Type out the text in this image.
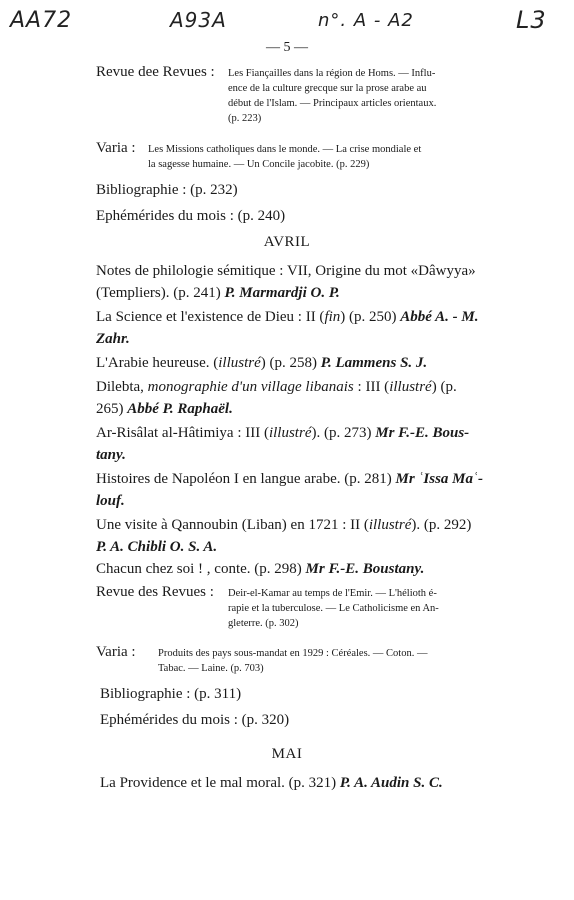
AA72	A93A	n°. A - A2	L3
— 5 —
Revue dee Revues : Les Fiançailles dans la région de Homs. — Influ-
ence de la culture grecque sur la prose arabe au
début de l'Islam. — Principaux articles orientaux.
(p. 223)
Varia : Les Missions catholiques dans le monde. — La crise mondiale et
la sagesse humaine. — Un Concile jacobite. (p. 229)
Bibliographie : (p. 232)
Ephémérides du mois : (p. 240)
AVRIL
Notes de philologie sémitique : VII, Origine du mot «Dâwyya»
(Templiers). (p. 241) P. Marmardji O. P.
La Science et l'existence de Dieu : II (fin) (p. 250) Abbé A. - M.
Zahr.
L'Arabie heureuse. (illustré) (p. 258) P. Lammens S. J.
Dilebta, monographie d'un village libanais : III (illustré) (p.
265) Abbé P. Raphaël.
Ar-Risâlat al-Hâtimiya : III (illustré). (p. 273) Mr F.-E. Bous-
tany.
Histoires de Napoléon I en langue arabe. (p. 281) Mr ʿIssa Maʿ-
louf.
Une visite à Qannoubin (Liban) en 1721 : II (illustré). (p. 292)
P. A. Chibli O. S. A.
Chacun chez soi ! , conte. (p. 298) Mr F.-E. Boustany.
Revue des Revues : Deir-el-Kamar au temps de l'Emir. — L'hélioth é-
rapie et la tuberculose. — Le Catholicisme en An-
gleterre. (p. 302)
Varia : Produits des pays sous-mandat en 1929 : Céréales. — Coton. —
Tabac. — Laine. (p. 703)
Bibliographie : (p. 311)
Ephémérides du mois : (p. 320)
MAI
La Providence et le mal moral. (p. 321) P. A. Audin S. C.
